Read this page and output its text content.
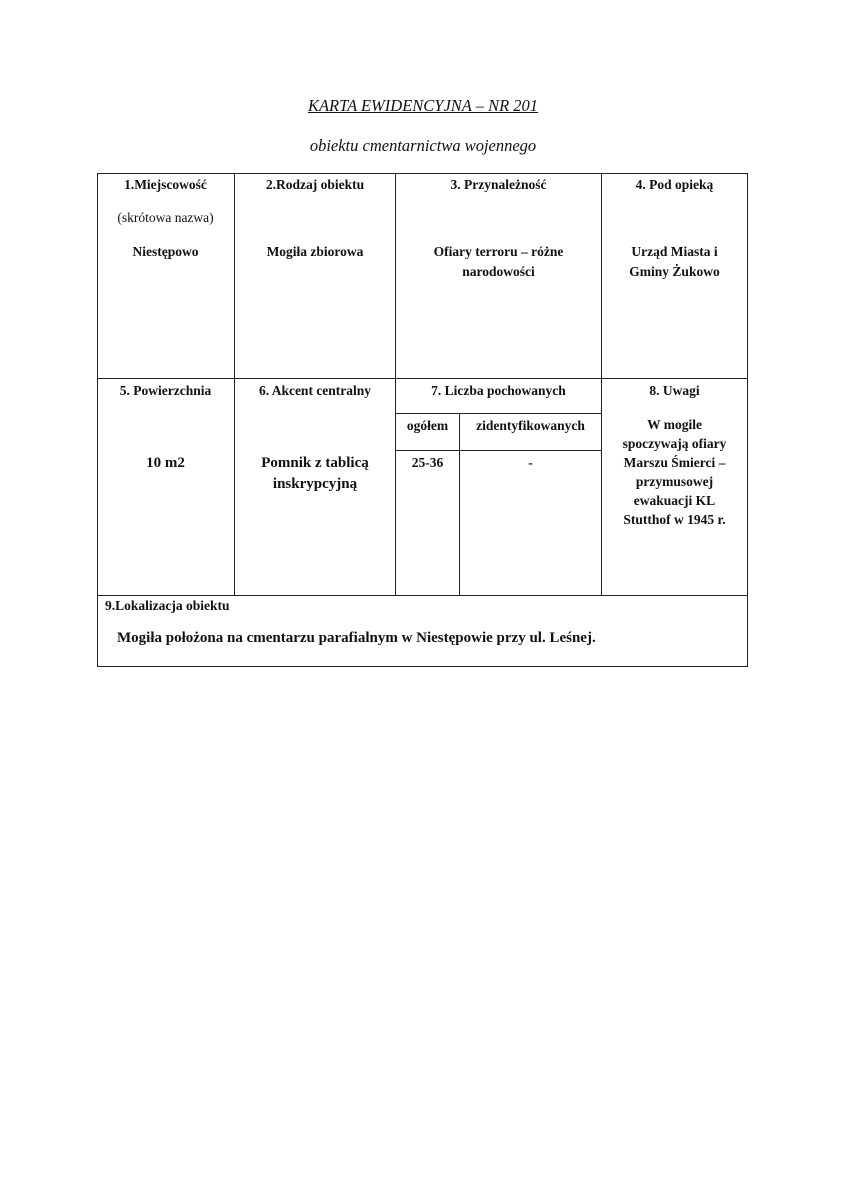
KARTA EWIDENCYJNA – NR 201
obiektu cmentarnictwa wojennego
1.Miejscowość
(skrótowa nazwa)
Niestępowo
2.Rodzaj obiektu
Mogiła zbiorowa
3. Przynależność
Ofiary terroru – różne
narodowości
4. Pod opieką
Urząd Miasta i
Gminy Żukowo
5. Powierzchnia
10 m2
6. Akcent centralny
Pomnik z tablicą
inskrypcyjną
7. Liczba pochowanych
ogółem	zidentyfikowanych
25-36	-
8. Uwagi
W mogile
spoczywają ofiary
Marszu Śmierci –
przymusowej
ewakuacji KL
Stutthof w 1945 r.
9.Lokalizacja obiektu
Mogiła położona na cmentarzu parafialnym w Niestępowie przy ul. Leśnej.
